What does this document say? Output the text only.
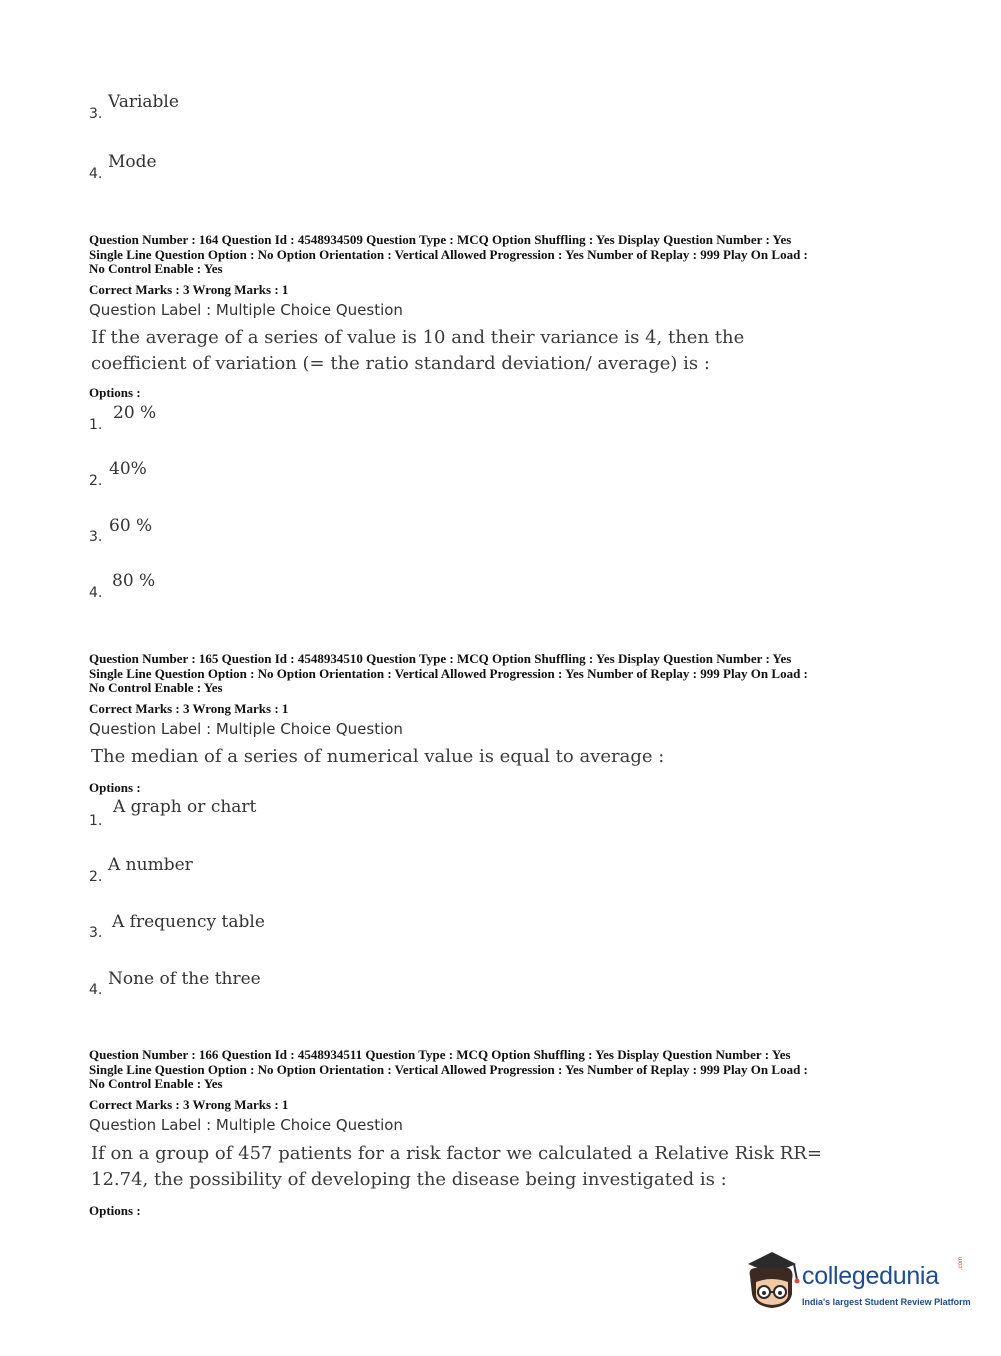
3.
Variable
4.
Mode
Question Number : 164 Question Id : 4548934509 Question Type : MCQ Option Shuffling : Yes Display Question Number : Yes
Single Line Question Option : No Option Orientation : Vertical Allowed Progression : Yes Number of Replay : 999 Play On Load :
No Control Enable : Yes
Correct Marks : 3 Wrong Marks : 1
Question Label : Multiple Choice Question
If the average of a series of value is 10 and their variance is 4, then the
coefficient of variation (= the ratio standard deviation/ average) is :
Options :
1.
20 %
2.
40%
3.
60 %
4.
80 %
Question Number : 165 Question Id : 4548934510 Question Type : MCQ Option Shuffling : Yes Display Question Number : Yes
Single Line Question Option : No Option Orientation : Vertical Allowed Progression : Yes Number of Replay : 999 Play On Load :
No Control Enable : Yes
Correct Marks : 3 Wrong Marks : 1
Question Label : Multiple Choice Question
The median of a series of numerical value is equal to average :
Options :
1.
A graph or chart
2.
A number
3.
A frequency table
4.
None of the three
Question Number : 166 Question Id : 4548934511 Question Type : MCQ Option Shuffling : Yes Display Question Number : Yes
Single Line Question Option : No Option Orientation : Vertical Allowed Progression : Yes Number of Replay : 999 Play On Load :
No Control Enable : Yes
Correct Marks : 3 Wrong Marks : 1
Question Label : Multiple Choice Question
If on a group of 457 patients for a risk factor we calculated a Relative Risk RR=
12.74, the possibility of developing the disease being investigated is :
Options :
collegedunia	.com
India's largest Student Review Platform
